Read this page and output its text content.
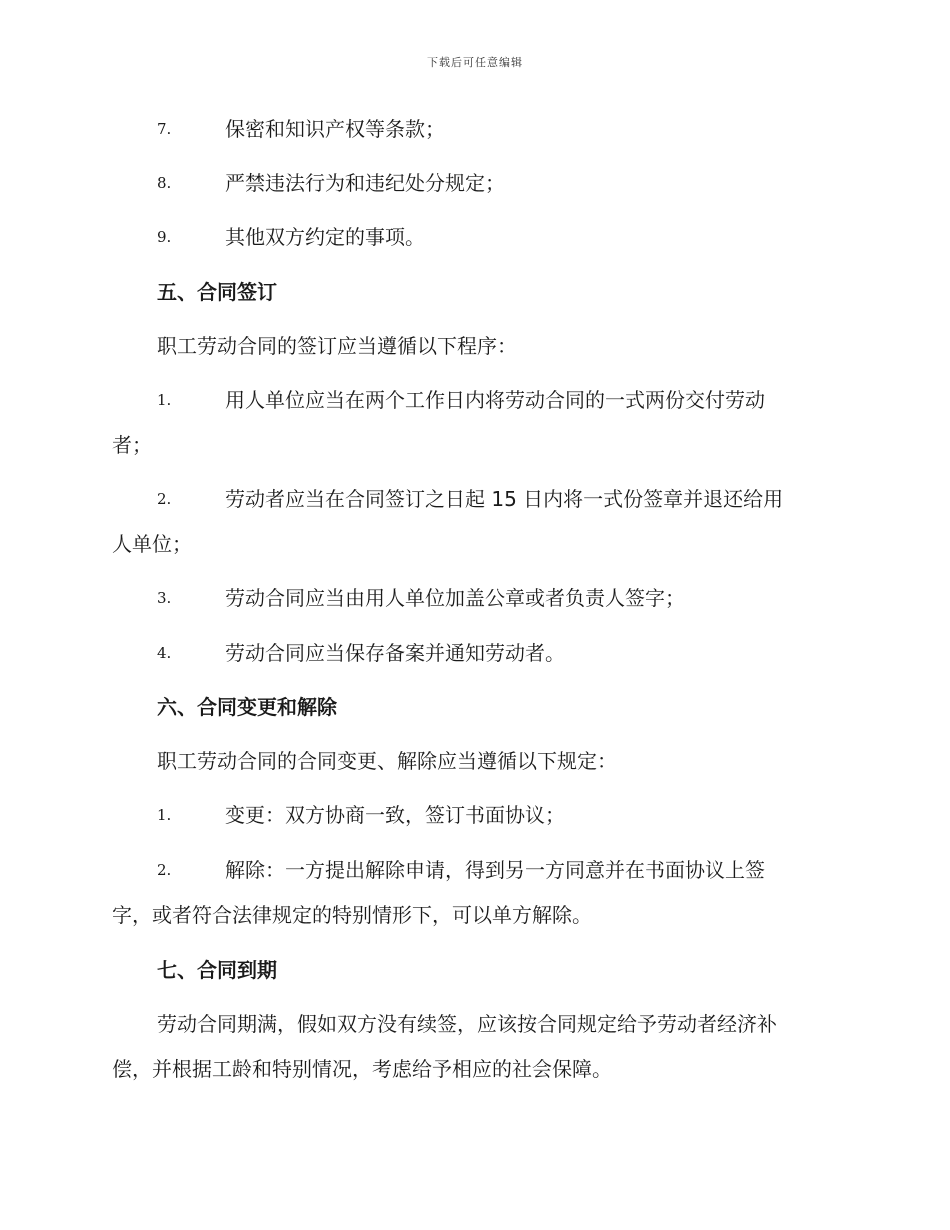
下载后可任意编辑
7.	保密和知识产权等条款；
8.	严禁违法行为和违纪处分规定；
9.	其他双方约定的事项。
五、合同签订
职工劳动合同的签订应当遵循以下程序：
1.	用人单位应当在两个工作日内将劳动合同的一式两份交付劳动
者；
2.	劳动者应当在合同签订之日起 15 日内将一式份签章并退还给用
人单位；
3.	劳动合同应当由用人单位加盖公章或者负责人签字；
4.	劳动合同应当保存备案并通知劳动者。
六、合同变更和解除
职工劳动合同的合同变更、解除应当遵循以下规定：
1.	变更：双方协商一致，签订书面协议；
2.	解除：一方提出解除申请，得到另一方同意并在书面协议上签
字，或者符合法律规定的特别情形下，可以单方解除。
七、合同到期
劳动合同期满，假如双方没有续签，应该按合同规定给予劳动者经济补
偿，并根据工龄和特别情况，考虑给予相应的社会保障。
